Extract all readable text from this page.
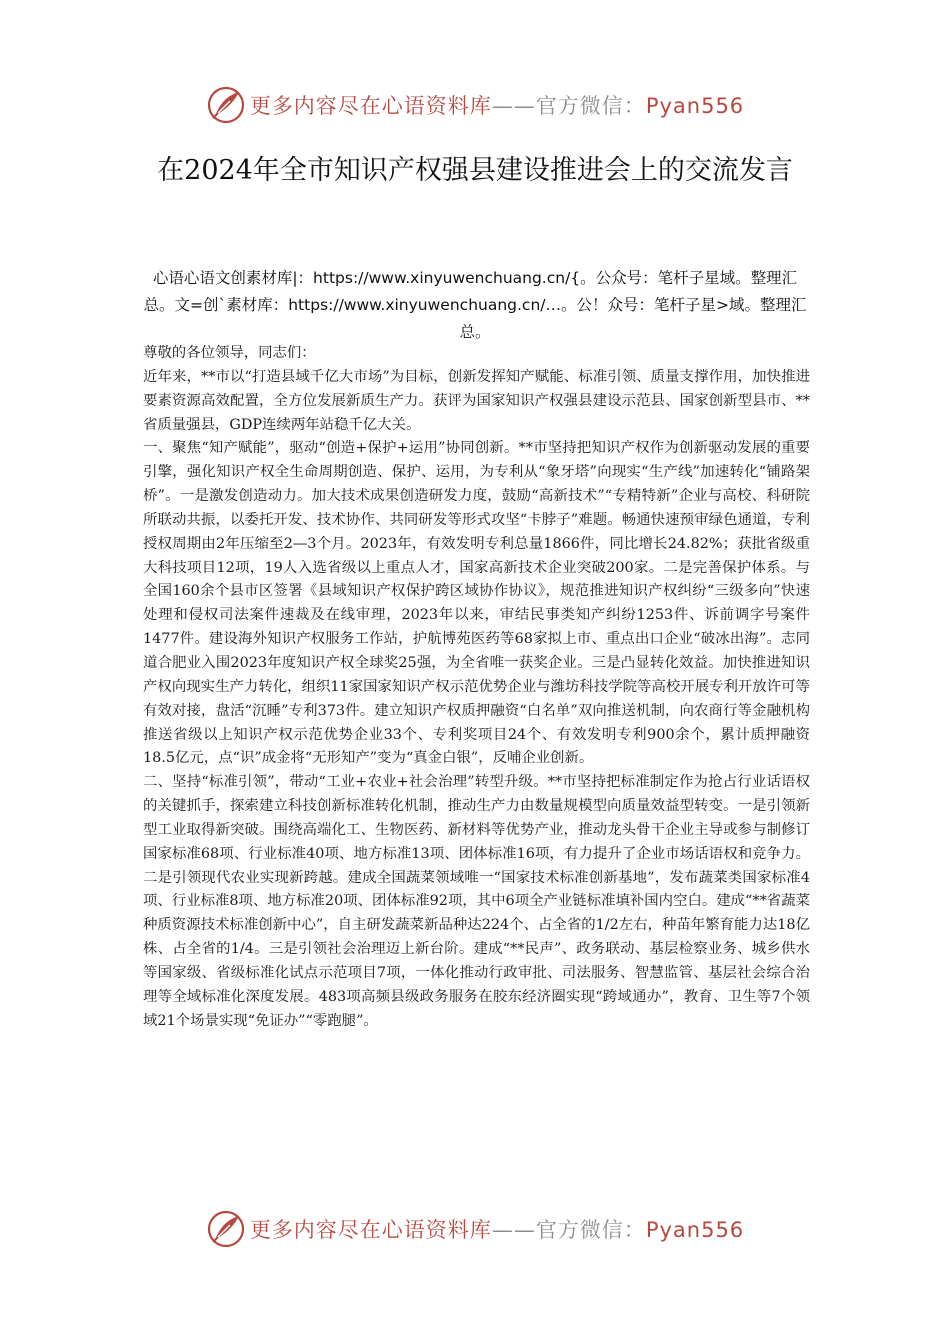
更多内容尽在心语资料库——官方微信：Pyan556
在2024年全市知识产权强县建设推进会上的交流发言
心语心语文创素材库|：https://www.xinyuwenchuang.cn/{。公众号：笔杆子星域。整理汇总。文=创`素材库：https://www.xinyuwenchuang.cn/…。公！众号：笔杆子星>域。整理汇总。

尊敬的各位领导，同志们：

近年来，**市以“打造县域千亿大市场”为目标，创新发挥知产赋能、标准引领、质量支撑作用，加快推进要素资源高效配置，全方位发展新质生产力。获评为国家知识产权强县建设示范县、国家创新型县市、**省质量强县，GDP连续两年站稳千亿大关。

一、聚焦“知产赋能”，驱动“创造+保护+运用”协同创新。**市坚持把知识产权作为创新驱动发展的重要引擎，强化知识产权全生命周期创造、保护、运用，为专利从“象牙塔”向现实“生产线”加速转化“铺路架桥”。一是激发创造动力。加大技术成果创造研发力度，鼓励“高新技术”“专精特新”企业与高校、科研院所联动共振，以委托开发、技术协作、共同研发等形式攻坚“卡脖子”难题。畅通快速预审绿色通道，专利授权周期由2年压缩至2—3个月。2023年，有效发明专利总量1866件，同比增长24.82%；获批省级重大科技项目12项，19人入选省级以上重点人才，国家高新技术企业突破200家。二是完善保护体系。与全国160余个县市区签署《县域知识产权保护跨区域协作协议》，规范推进知识产权纠纷“三级多向”快速处理和侵权司法案件速裁及在线审理，2023年以来，审结民事类知产纠纷1253件、诉前调字号案件1477件。建设海外知识产权服务工作站，护航博苑医药等68家拟上市、重点出口企业“破冰出海”。志同道合肥业入围2023年度知识产权全球奖25强，为全省唯一获奖企业。三是凸显转化效益。加快推进知识产权向现实生产力转化，组织11家国家知识产权示范优势企业与潍坊科技学院等高校开展专利开放许可等有效对接，盘活“沉睡”专利373件。建立知识产权质押融资“白名单”双向推送机制，向农商行等金融机构推送省级以上知识产权示范优势企业33个、专利奖项目24个、有效发明专利900余个，累计质押融资18.5亿元，点“识”成金将“无形知产”变为“真金白银”，反哺企业创新。

二、坚持“标准引领”，带动“工业+农业+社会治理”转型升级。**市坚持把标准制定作为抢占行业话语权的关键抓手，探索建立科技创新标准转化机制，推动生产力由数量规模型向质量效益型转变。一是引领新型工业取得新突破。围绕高端化工、生物医药、新材料等优势产业，推动龙头骨干企业主导或参与制修订国家标准68项、行业标准40项、地方标准13项、团体标准16项，有力提升了企业市场话语权和竞争力。二是引领现代农业实现新跨越。建成全国蔬菜领域唯一“国家技术标准创新基地”，发布蔬菜类国家标准4项、行业标准8项、地方标准20项、团体标准92项，其中6项全产业链标准填补国内空白。建成“**省蔬菜种质资源技术标准创新中心”，自主研发蔬菜新品种达224个、占全省的1/2左右，种苗年繁育能力达18亿株、占全省的1/4。三是引领社会治理迈上新台阶。建成“**民声”、政务联动、基层检察业务、城乡供水等国家级、省级标准化试点示范项目7项，一体化推动行政审批、司法服务、智慧监管、基层社会综合治理等全域标准化深度发展。483项高频县级政务服务在胶东经济圈实现“跨域通办”，教育、卫生等7个领域21个场景实现“免证办”“零跑腿”。

更多内容尽在心语资料库——官方微信：Pyan556
